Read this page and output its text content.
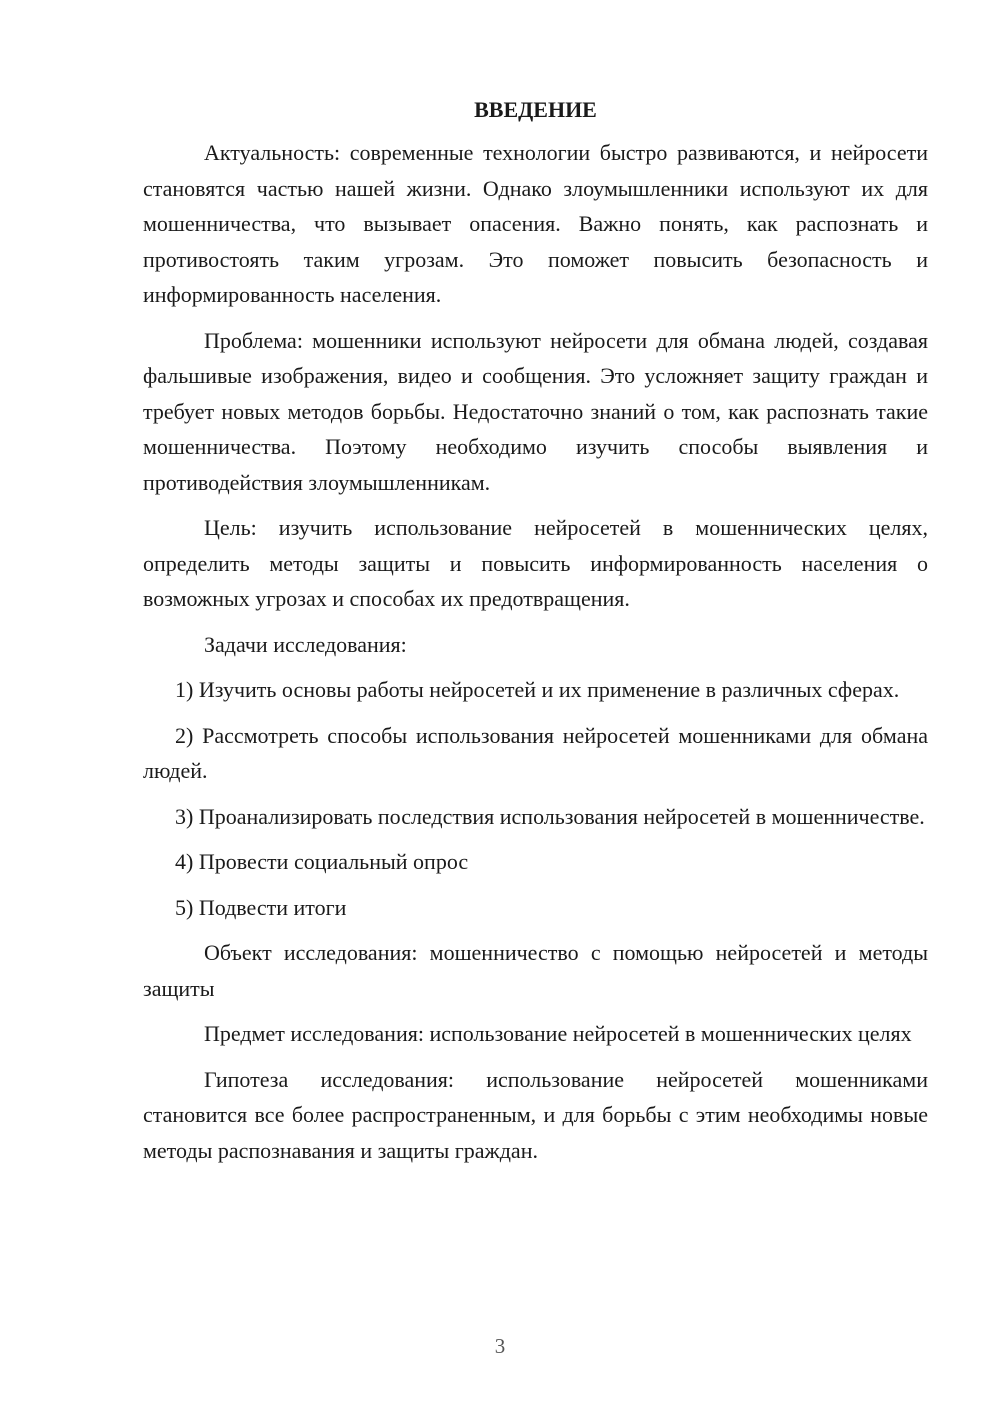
ВВЕДЕНИЕ

Актуальность: современные технологии быстро развиваются, и нейросети становятся частью нашей жизни. Однако злоумышленники используют их для мошенничества, что вызывает опасения. Важно понять, как распознать и противостоять таким угрозам. Это поможет повысить безопасность и информированность населения.

Проблема: мошенники используют нейросети для обмана людей, создавая фальшивые изображения, видео и сообщения. Это усложняет защиту граждан и требует новых методов борьбы. Недостаточно знаний о том, как распознать такие мошенничества. Поэтому необходимо изучить способы выявления и противодействия злоумышленникам.

Цель: изучить использование нейросетей в мошеннических целях, определить методы защиты и повысить информированность населения о возможных угрозах и способах их предотвращения.

Задачи исследования:

1) Изучить основы работы нейросетей и их применение в различных сферах.

2) Рассмотреть способы использования нейросетей мошенниками для обмана людей.

3) Проанализировать последствия использования нейросетей в мошенничестве.

4) Провести социальный опрос

5) Подвести итоги

Объект исследования: мошенничество с помощью нейросетей и методы защиты

Предмет исследования: использование нейросетей в мошеннических целях

Гипотеза исследования: использование нейросетей мошенниками становится все более распространенным, и для борьбы с этим необходимы новые методы распознавания и защиты граждан.

3
